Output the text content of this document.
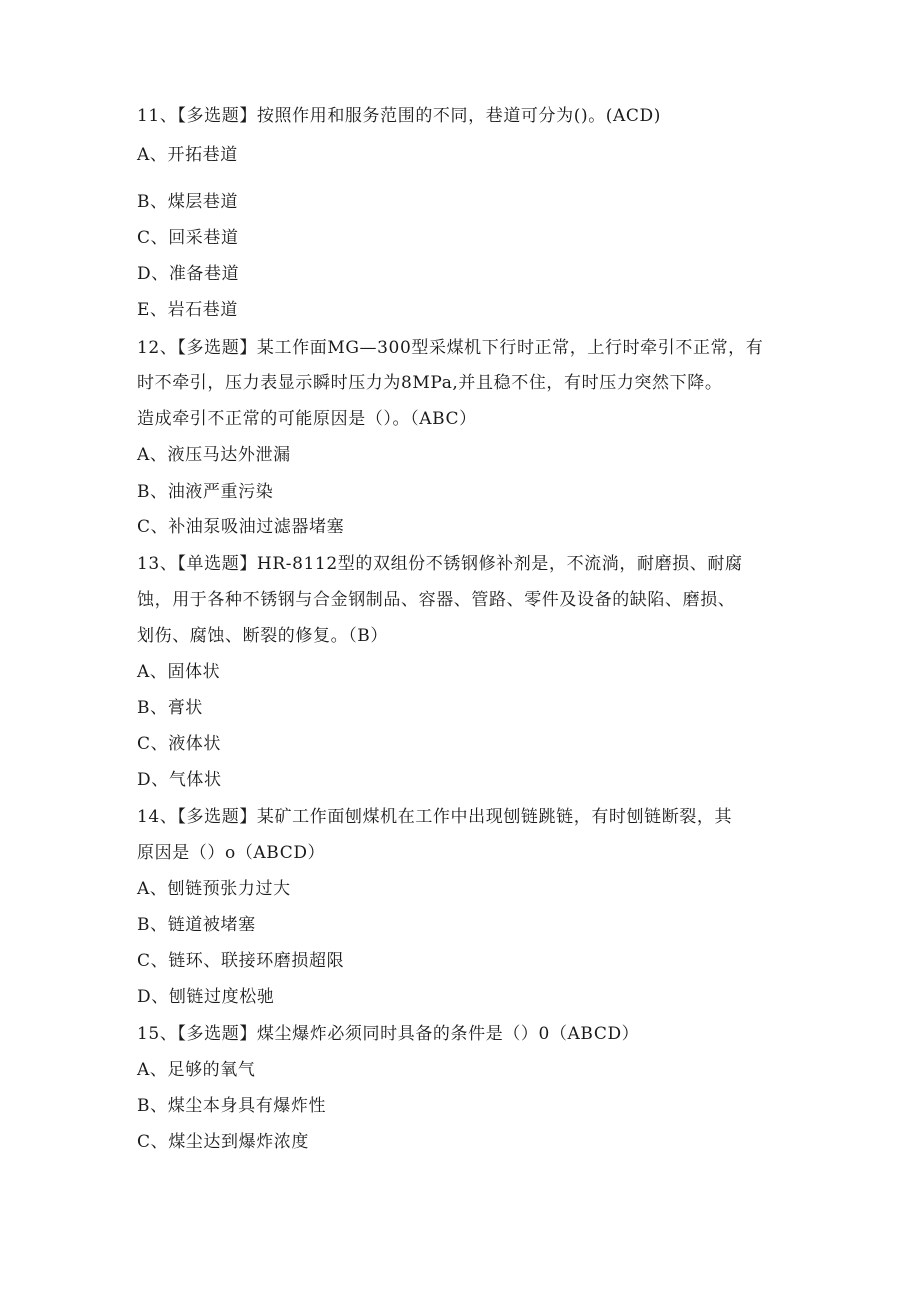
11、【多选题】按照作用和服务范围的不同，巷道可分为()。(ACD)
A、开拓巷道
B、煤层巷道
C、回采巷道
D、准备巷道
E、岩石巷道
12、【多选题】某工作面MG—300型采煤机下行时正常，上行时牵引不正常，有
时不牵引，压力表显示瞬时压力为8MPa,并且稳不住，有时压力突然下降。
造成牵引不正常的可能原因是（）。（ABC）
A、液压马达外泄漏
B、油液严重污染
C、补油泵吸油过滤器堵塞
13、【单选题】HR-8112型的双组份不锈钢修补剂是，不流淌，耐磨损、耐腐
蚀，用于各种不锈钢与合金钢制品、容器、管路、零件及设备的缺陷、磨损、
划伤、腐蚀、断裂的修复。（B）
A、固体状
B、膏状
C、液体状
D、气体状
14、【多选题】某矿工作面刨煤机在工作中出现刨链跳链，有时刨链断裂，其
原因是（）o（ABCD）
A、刨链预张力过大
B、链道被堵塞
C、链环、联接环磨损超限
D、刨链过度松驰
15、【多选题】煤尘爆炸必须同时具备的条件是（）0（ABCD）
A、足够的氧气
B、煤尘本身具有爆炸性
C、煤尘达到爆炸浓度
